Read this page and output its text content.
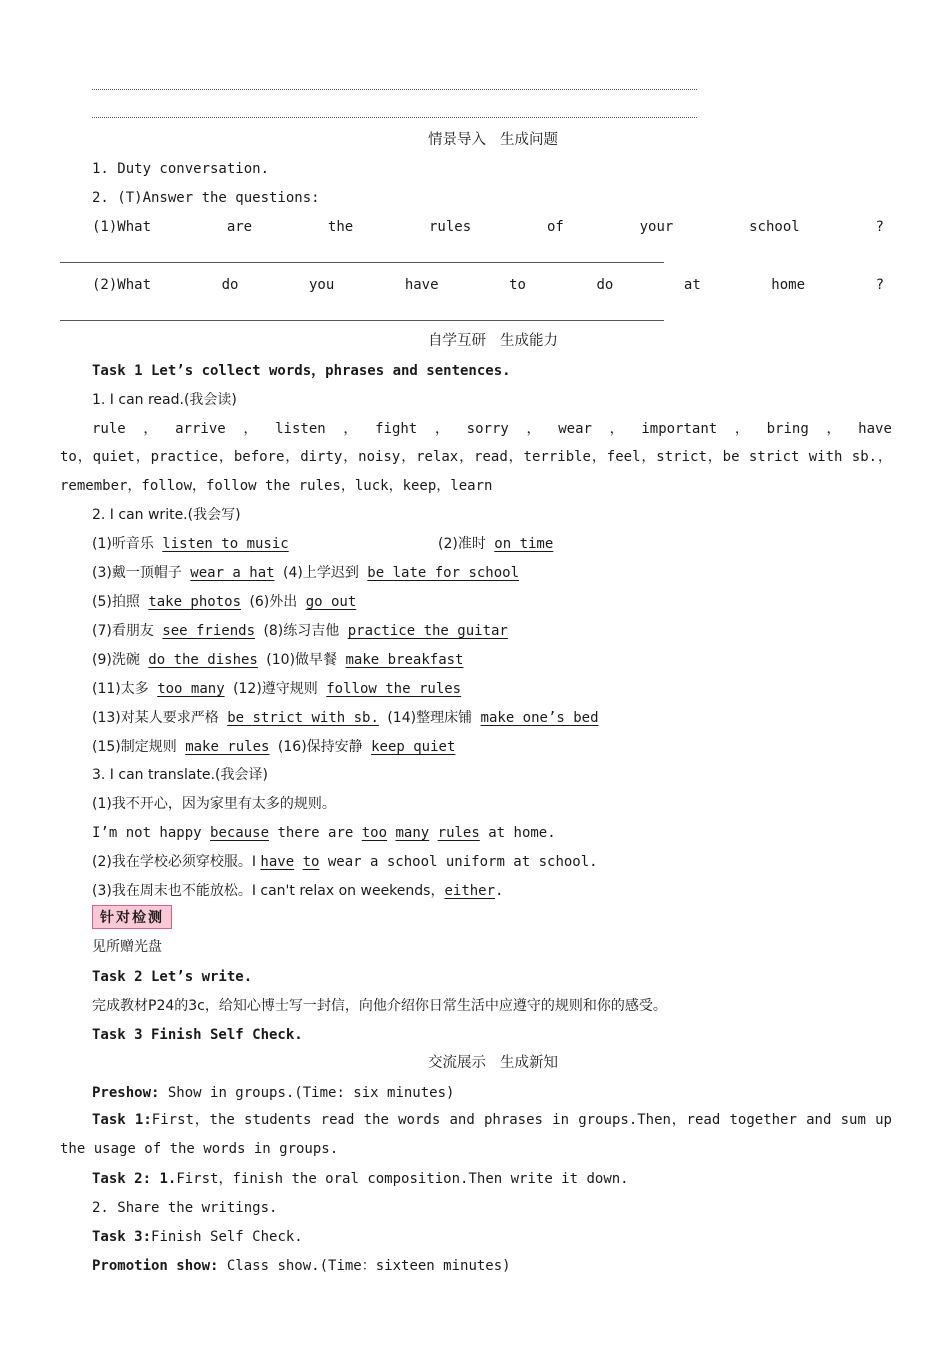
情景导入 生成问题
1. Duty conversation.
2. (T)Answer the questions:
(1)What	are	the	rules	of	your	school	?
(2)What	do	you	have	to	do	at	home	?
自学互研 生成能力
Task 1 Let’s collect words，phrases and sentences.
1. I can read.(我会读)
rule ， arrive ， listen ， fight ， sorry ， wear ， important ， bring ， have
to，quiet，practice，before，dirty，noisy，relax，read，terrible，feel，strict，be strict with sb.，remember，follow，follow the rules，luck，keep，learn
2. I can write.(我会写)
(1)听音乐 listen to music	(2)准时 on time
(3)戴一顶帽子 wear a hat (4)上学迟到 be late for school
(5)拍照 take photos (6)外出 go out
(7)看朋友 see friends (8)练习吉他 practice the guitar
(9)洗碗 do the dishes (10)做早餐 make breakfast
(11)太多 too many (12)遵守规则 follow the rules
(13)对某人要求严格 be strict with sb. (14)整理床铺 make one’s bed
(15)制定规则 make rules (16)保持安静 keep quiet
3. I can translate.(我会译)
(1)我不开心，因为家里有太多的规则。
I’m not happy because there are too many rules at home.
(2)我在学校必须穿校服。I have to wear a school uniform at school.
(3)我在周末也不能放松。I can't relax on weekends，either.
针对检测
见所赠光盘
Task 2 Let’s write.
完成教材P24的3c，给知心博士写一封信，向他介绍你日常生活中应遵守的规则和你的感受。
Task 3 Finish Self Check.
交流展示 生成新知
Preshow: Show in groups.(Time: six minutes)
Task 1:First，the students read the words and phrases in groups.Then，read together and sum up the usage of the words in groups.
Task 2: 1.First，finish the oral composition.Then write it down.
2. Share the writings.
Task 3:Finish Self Check.
Promotion show: Class show.(Time：sixteen minutes)
